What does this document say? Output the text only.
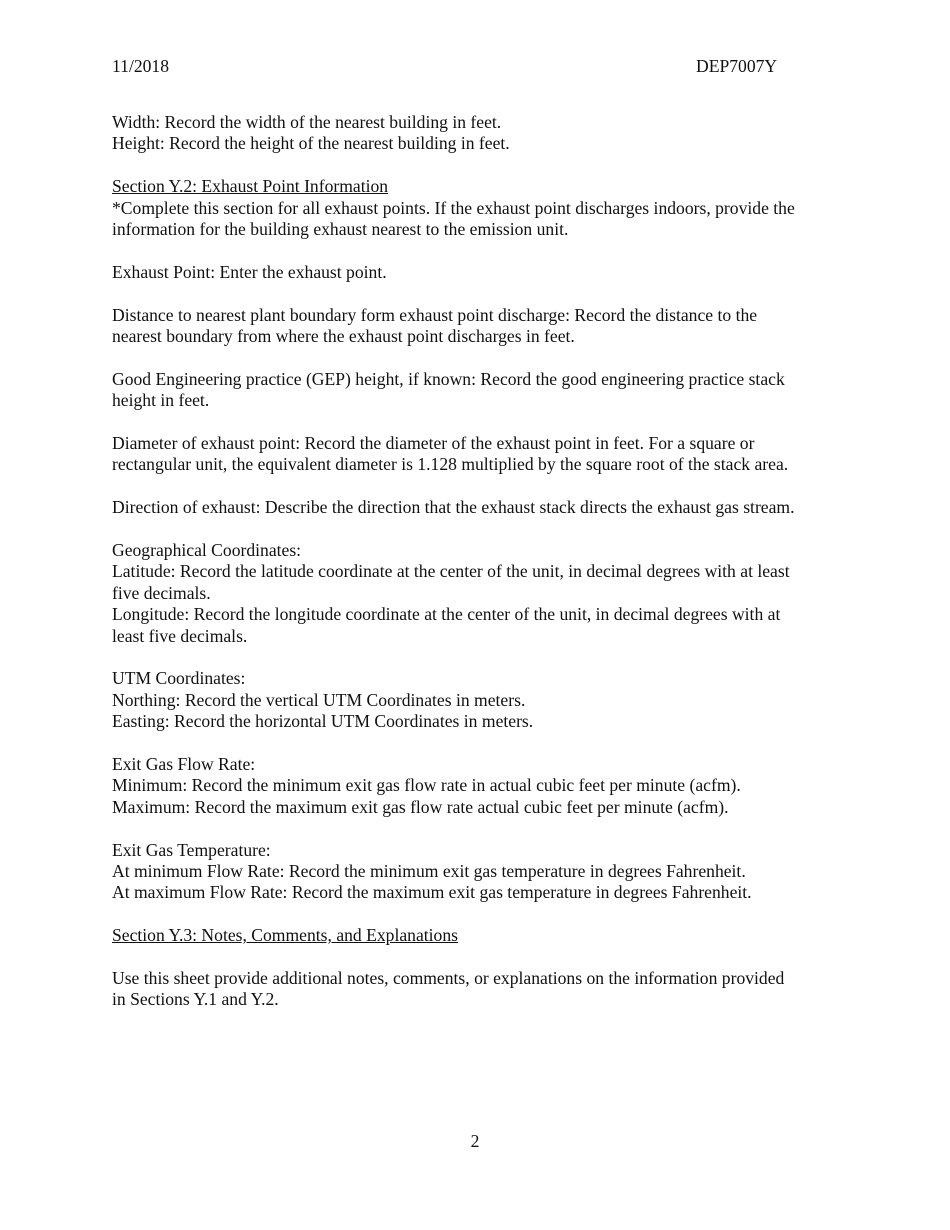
11/2018	DEP7007Y
Width: Record the width of the nearest building in feet.
Height: Record the height of the nearest building in feet.
Section Y.2: Exhaust Point Information
*Complete this section for all exhaust points. If the exhaust point discharges indoors, provide the
information for the building exhaust nearest to the emission unit.
Exhaust Point: Enter the exhaust point.
Distance to nearest plant boundary form exhaust point discharge: Record the distance to the
nearest boundary from where the exhaust point discharges in feet.
Good Engineering practice (GEP) height, if known: Record the good engineering practice stack
height in feet.
Diameter of exhaust point: Record the diameter of the exhaust point in feet. For a square or
rectangular unit, the equivalent diameter is 1.128 multiplied by the square root of the stack area.
Direction of exhaust: Describe the direction that the exhaust stack directs the exhaust gas stream.
Geographical Coordinates:
Latitude: Record the latitude coordinate at the center of the unit, in decimal degrees with at least
five decimals.
Longitude: Record the longitude coordinate at the center of the unit, in decimal degrees with at
least five decimals.
UTM Coordinates:
Northing: Record the vertical UTM Coordinates in meters.
Easting: Record the horizontal UTM Coordinates in meters.
Exit Gas Flow Rate:
Minimum: Record the minimum exit gas flow rate in actual cubic feet per minute (acfm).
Maximum: Record the maximum exit gas flow rate actual cubic feet per minute (acfm).
Exit Gas Temperature:
At minimum Flow Rate: Record the minimum exit gas temperature in degrees Fahrenheit.
At maximum Flow Rate: Record the maximum exit gas temperature in degrees Fahrenheit.
Section Y.3: Notes, Comments, and Explanations
Use this sheet provide additional notes, comments, or explanations on the information provided
in Sections Y.1 and Y.2.
2
